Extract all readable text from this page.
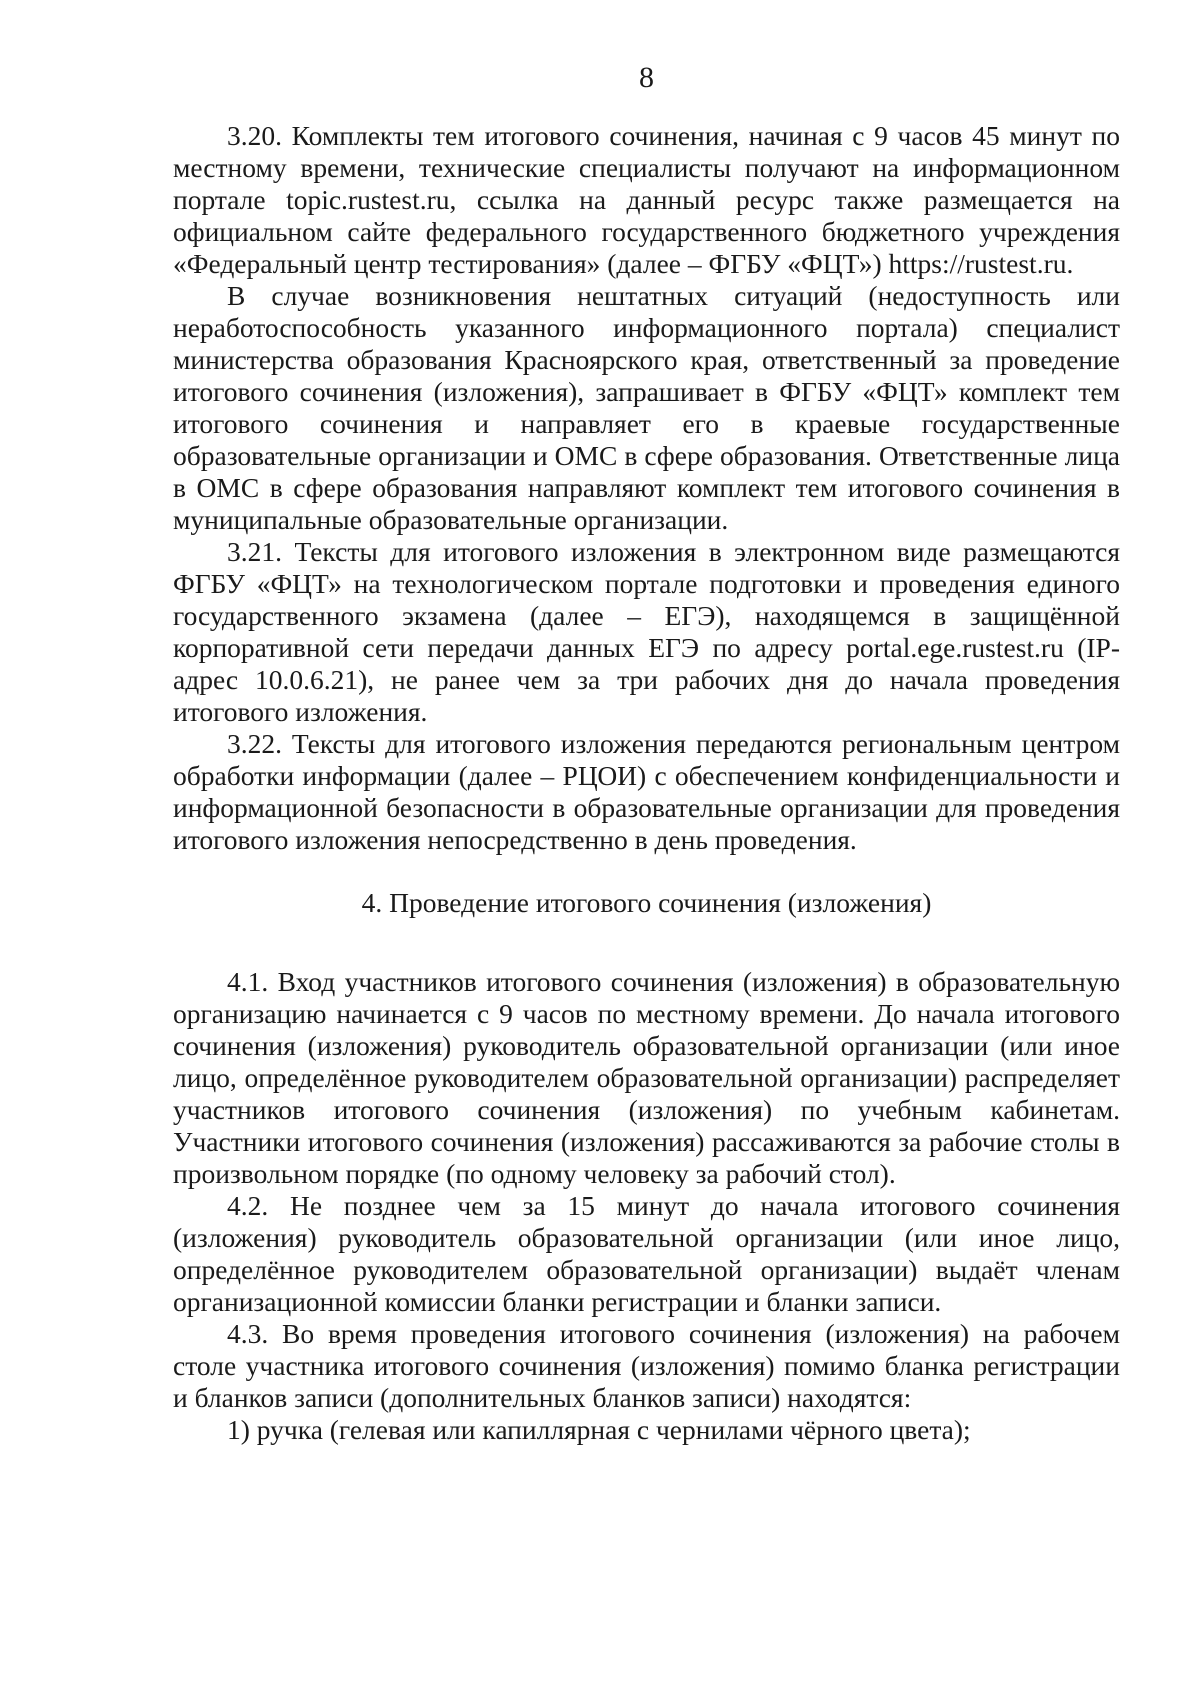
8

3.20. Комплекты тем итогового сочинения, начиная с 9 часов 45 минут по местному времени, технические специалисты получают на информационном портале topic.rustest.ru, ссылка на данный ресурс также размещается на официальном сайте федерального государственного бюджетного учреждения «Федеральный центр тестирования» (далее – ФГБУ «ФЦТ») https://rustest.ru.

В случае возникновения нештатных ситуаций (недоступность или неработоспособность указанного информационного портала) специалист министерства образования Красноярского края, ответственный за проведение итогового сочинения (изложения), запрашивает в ФГБУ «ФЦТ» комплект тем итогового сочинения и направляет его в краевые государственные образовательные организации и ОМС в сфере образования. Ответственные лица в ОМС в сфере образования направляют комплект тем итогового сочинения в муниципальные образовательные организации.

3.21. Тексты для итогового изложения в электронном виде размещаются ФГБУ «ФЦТ» на технологическом портале подготовки и проведения единого государственного экзамена (далее – ЕГЭ), находящемся в защищённой корпоративной сети передачи данных ЕГЭ по адресу portal.ege.rustest.ru (IP-адрес 10.0.6.21), не ранее чем за три рабочих дня до начала проведения итогового изложения.

3.22. Тексты для итогового изложения передаются региональным центром обработки информации (далее – РЦОИ) с обеспечением конфиденциальности и информационной безопасности в образовательные организации для проведения итогового изложения непосредственно в день проведения.

4. Проведение итогового сочинения (изложения)

4.1. Вход участников итогового сочинения (изложения) в образовательную организацию начинается с 9 часов по местному времени. До начала итогового сочинения (изложения) руководитель образовательной организации (или иное лицо, определённое руководителем образовательной организации) распределяет участников итогового сочинения (изложения) по учебным кабинетам. Участники итогового сочинения (изложения) рассаживаются за рабочие столы в произвольном порядке (по одному человеку за рабочий стол).

4.2. Не позднее чем за 15 минут до начала итогового сочинения (изложения) руководитель образовательной организации (или иное лицо, определённое руководителем образовательной организации) выдаёт членам организационной комиссии бланки регистрации и бланки записи.

4.3. Во время проведения итогового сочинения (изложения) на рабочем столе участника итогового сочинения (изложения) помимо бланка регистрации и бланков записи (дополнительных бланков записи) находятся:

1) ручка (гелевая или капиллярная с чернилами чёрного цвета);
